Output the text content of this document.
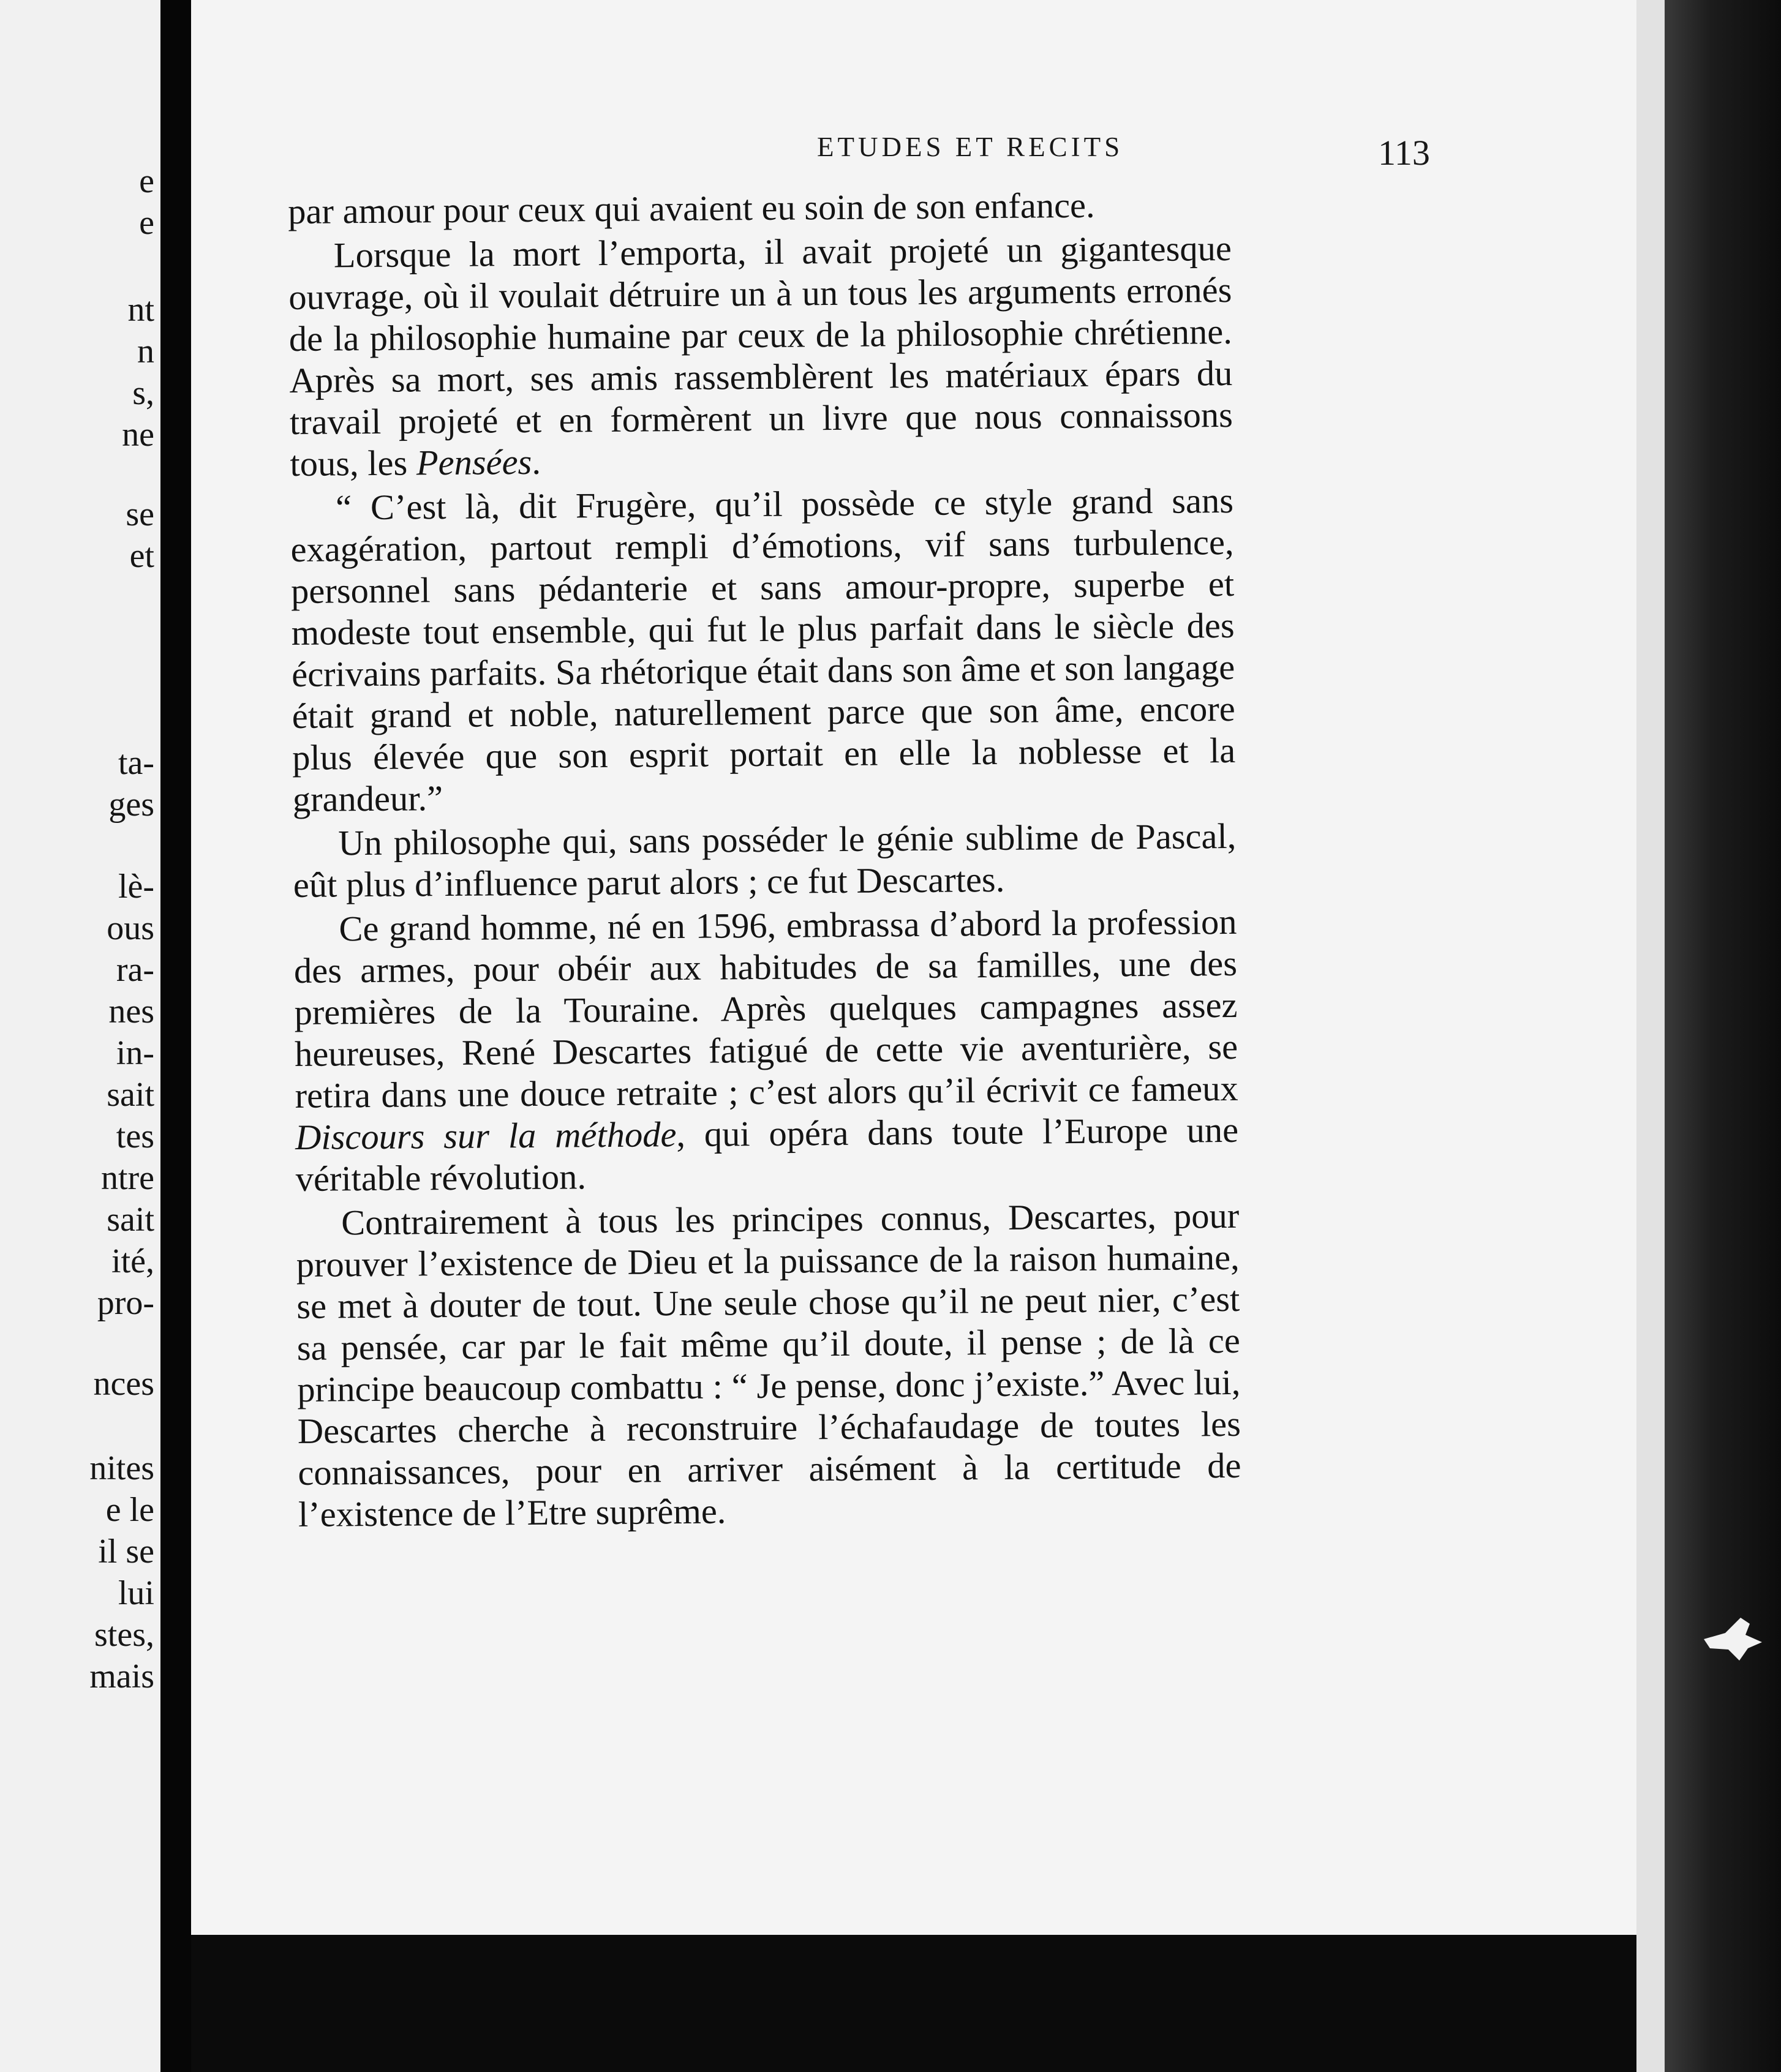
e
e
nt
n
s,
ne
se
et
ta-
ges
lè-
ous
ra-
nes
in-
sait
tes
ntre
sait
ité,
pro-
nces
nites
e le
il se
lui
stes,
mais
ETUDES ET RECITS	113

par amour pour ceux qui avaient eu soin de son enfance.

Lorsque la mort l’emporta, il avait projeté un gigantesque ouvrage, où il voulait détruire un à un tous les arguments erronés de la philosophie humaine par ceux de la philosophie chrétienne. Après sa mort, ses amis rassemblèrent les matériaux épars du travail projeté et en formèrent un livre que nous connaissons tous, les Pensées.

“ C’est là, dit Frugère, qu’il possède ce style grand sans exagération, partout rempli d’émotions, vif sans turbulence, personnel sans pédanterie et sans amour-propre, superbe et modeste tout ensemble, qui fut le plus parfait dans le siècle des écrivains parfaits. Sa rhétorique était dans son âme et son langage était grand et noble, naturellement parce que son âme, encore plus élevée que son esprit portait en elle la noblesse et la grandeur.”

Un philosophe qui, sans posséder le génie sublime de Pascal, eût plus d’influence parut alors ; ce fut Descartes.

Ce grand homme, né en 1596, embrassa d’abord la profession des armes, pour obéir aux habitudes de sa familles, une des premières de la Touraine. Après quelques campagnes assez heureuses, René Descartes fatigué de cette vie aventurière, se retira dans une douce retraite ; c’est alors qu’il écrivit ce fameux Discours sur la méthode, qui opéra dans toute l’Europe une véritable révolution.

Contrairement à tous les principes connus, Descartes, pour prouver l’existence de Dieu et la puissance de la raison humaine, se met à douter de tout. Une seule chose qu’il ne peut nier, c’est sa pensée, car par le fait même qu’il doute, il pense ; de là ce principe beaucoup combattu : “ Je pense, donc j’existe.” Avec lui, Descartes cherche à reconstruire l’échafaudage de toutes les connaissances, pour en arriver aisément à la certitude de l’existence de l’Etre suprême.
